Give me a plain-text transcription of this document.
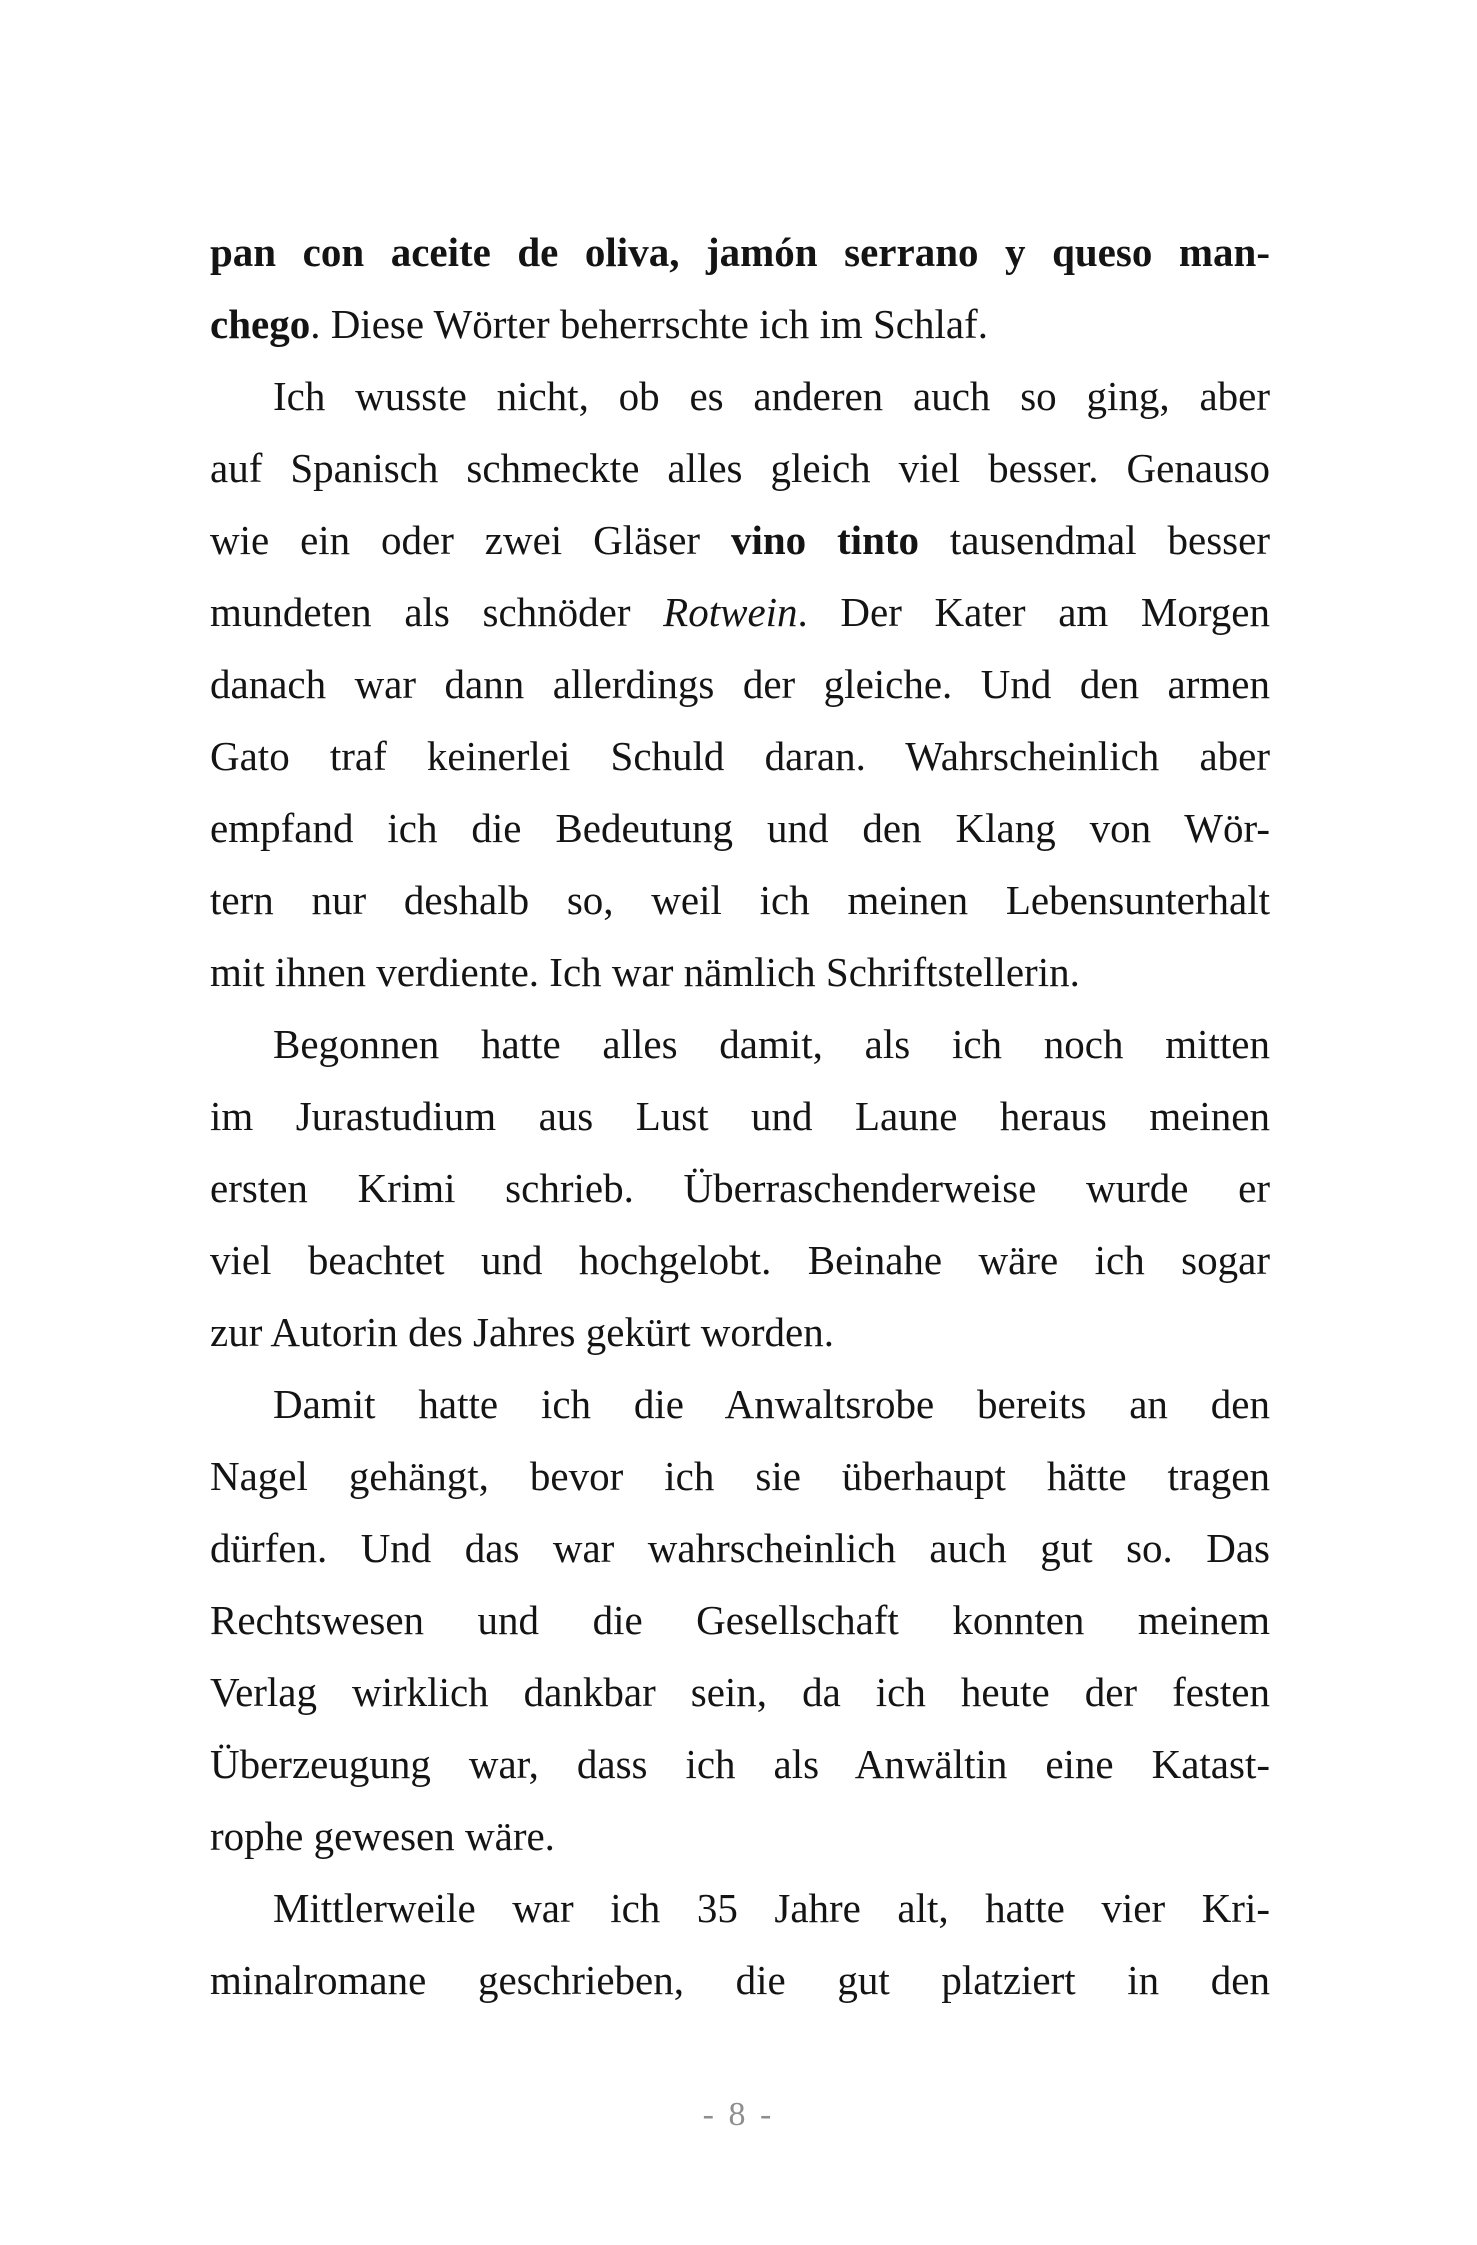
pan con aceite de oliva, jamón serrano y queso man-
chego. Diese Wörter beherrschte ich im Schlaf.
Ich wusste nicht, ob es anderen auch so ging, aber
auf Spanisch schmeckte alles gleich viel besser. Genauso
wie ein oder zwei Gläser vino tinto tausendmal besser
mundeten als schnöder Rotwein. Der Kater am Morgen
danach war dann allerdings der gleiche. Und den armen
Gato traf keinerlei Schuld daran. Wahrscheinlich aber
empfand ich die Bedeutung und den Klang von Wör-
tern nur deshalb so, weil ich meinen Lebensunterhalt
mit ihnen verdiente. Ich war nämlich Schriftstellerin.
Begonnen hatte alles damit, als ich noch mitten
im Jurastudium aus Lust und Laune heraus meinen
ersten Krimi schrieb. Überraschenderweise wurde er
viel beachtet und hochgelobt. Beinahe wäre ich sogar
zur Autorin des Jahres gekürt worden.
Damit hatte ich die Anwaltsrobe bereits an den
Nagel gehängt, bevor ich sie überhaupt hätte tragen
dürfen. Und das war wahrscheinlich auch gut so. Das
Rechtswesen und die Gesellschaft konnten meinem
Verlag wirklich dankbar sein, da ich heute der festen
Überzeugung war, dass ich als Anwältin eine Katast-
rophe gewesen wäre.
Mittlerweile war ich 35 Jahre alt, hatte vier Kri-
minalromane geschrieben, die gut platziert in den
- 8 -
